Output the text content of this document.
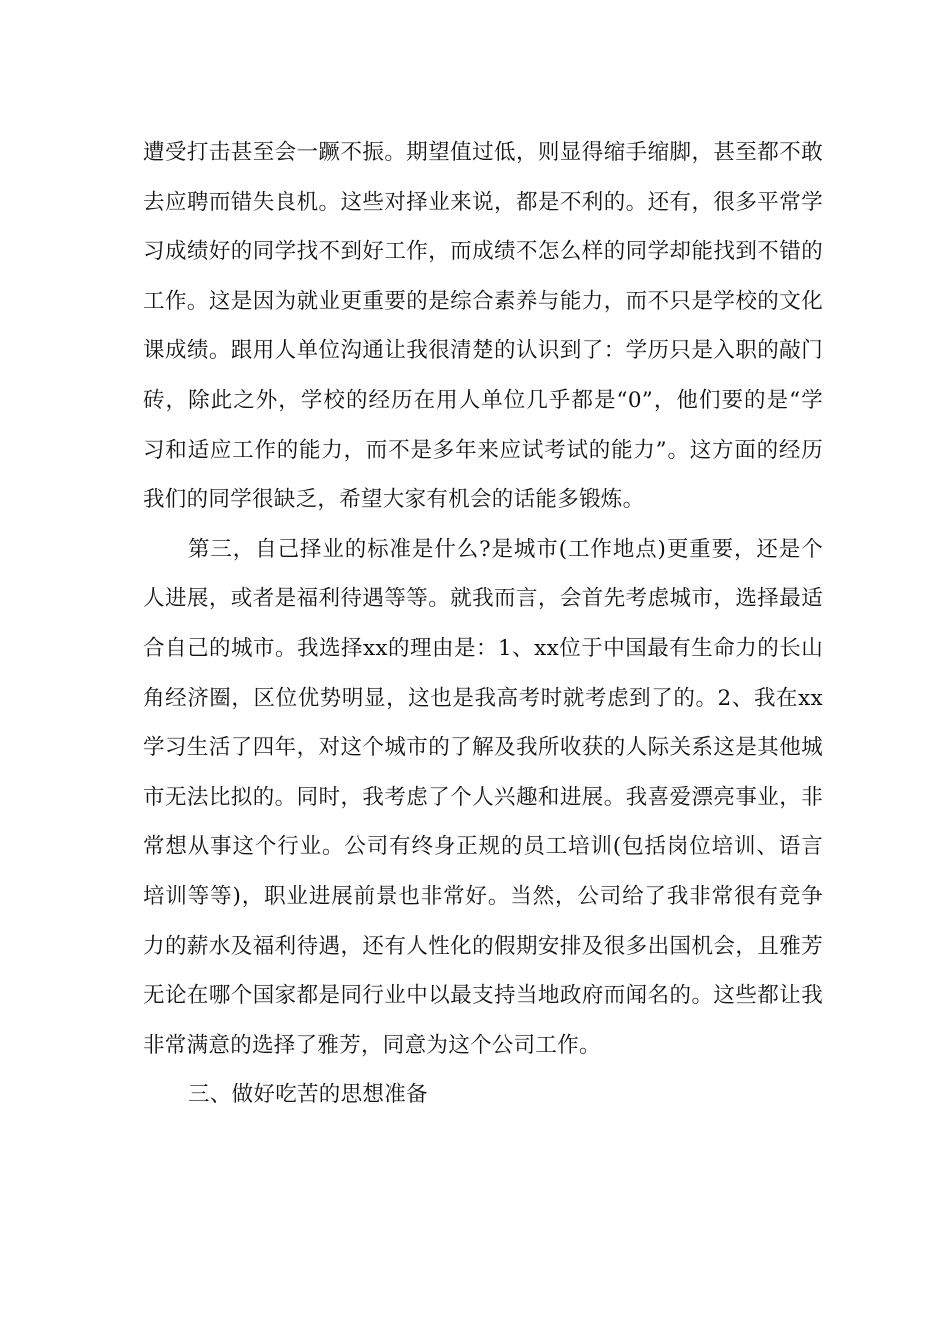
遭受打击甚至会一蹶不振。期望值过低，则显得缩手缩脚，甚至都不敢去应聘而错失良机。这些对择业来说，都是不利的。还有，很多平常学习成绩好的同学找不到好工作，而成绩不怎么样的同学却能找到不错的工作。这是因为就业更重要的是综合素养与能力，而不只是学校的文化课成绩。跟用人单位沟通让我很清楚的认识到了：学历只是入职的敲门砖，除此之外，学校的经历在用人单位几乎都是“0”，他们要的是“学习和适应工作的能力，而不是多年来应试考试的能力”。这方面的经历我们的同学很缺乏，希望大家有机会的话能多锻炼。

第三，自己择业的标准是什么?是城市(工作地点)更重要，还是个人进展，或者是福利待遇等等。就我而言，会首先考虑城市，选择最适合自己的城市。我选择xx的理由是：1、xx位于中国最有生命力的长山角经济圈，区位优势明显，这也是我高考时就考虑到了的。2、我在xx学习生活了四年，对这个城市的了解及我所收获的人际关系这是其他城市无法比拟的。同时，我考虑了个人兴趣和进展。我喜爱漂亮事业，非常想从事这个行业。公司有终身正规的员工培训(包括岗位培训、语言培训等等)，职业进展前景也非常好。当然，公司给了我非常很有竞争力的薪水及福利待遇，还有人性化的假期安排及很多出国机会，且雅芳无论在哪个国家都是同行业中以最支持当地政府而闻名的。这些都让我非常满意的选择了雅芳，同意为这个公司工作。

三、做好吃苦的思想准备
